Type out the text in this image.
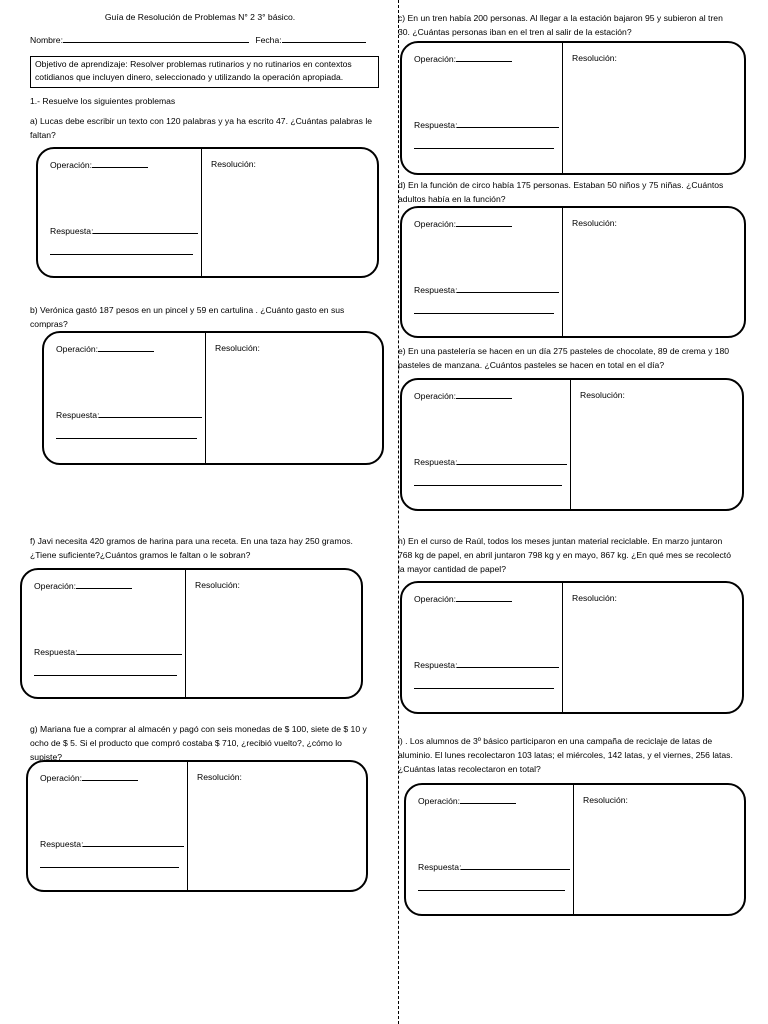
Guía de Resolución de Problemas N° 2 3° básico.
Nombre:	Fecha:
Objetivo de aprendizaje: Resolver problemas rutinarios y no rutinarios en contextos cotidianos que incluyen dinero, seleccionado y utilizando la operación apropiada.
1.- Resuelve los siguientes problemas
a) Lucas debe escribir un texto con 120 palabras y ya ha escrito 47. ¿Cuántas palabras le faltan?
b) Verónica gastó 187 pesos en un pincel y 59 en cartulina . ¿Cuánto gasto en sus compras?
c) En un tren había 200 personas. Al llegar a la estación bajaron 95 y subieron al tren 30. ¿Cuántas personas iban en el tren al salir de la estación?
d) En la función de circo había 175 personas. Estaban 50 niños y 75 niñas. ¿Cuántos adultos había en la función?
e) En una pastelería se hacen en un día 275 pasteles de chocolate, 89 de crema y 180 pasteles de manzana. ¿Cuántos pasteles se hacen en total en el día?
f) Javi necesita 420 gramos de harina para una receta. En una taza hay 250 gramos. ¿Tiene suficiente?¿Cuántos gramos le faltan o le sobran?
g) Mariana fue a comprar al almacén y pagó con seis monedas de $ 100, siete de $ 10 y ocho de $ 5. Si el producto que compró costaba $ 710, ¿recibió vuelto?, ¿cómo lo supiste?
h) En el curso de Raúl, todos los meses juntan material reciclable. En marzo juntaron 768 kg de papel, en abril juntaron 798 kg y en mayo, 867 kg. ¿En qué mes se recolectó la mayor cantidad de papel?
i) . Los alumnos de 3º básico participaron en una campaña de reciclaje de latas de aluminio. El lunes recolectaron 103 latas; el miércoles, 142 latas, y el viernes, 256 latas. ¿Cuántas latas recolectaron en total?
Operación:	Resolución:
Respuesta:
Operación:	Resolución:
Respuesta:
Operación:	Resolución:
Respuesta:
Operación:	Resolución:
Respuesta:
Operación:	Resolución:
Respuesta:
Operación:	Resolución:
Respuesta:
Operación:	Resolución:
Respuesta:
Operación:	Resolución:
Respuesta:
Operación:	Resolución:
Respuesta:
